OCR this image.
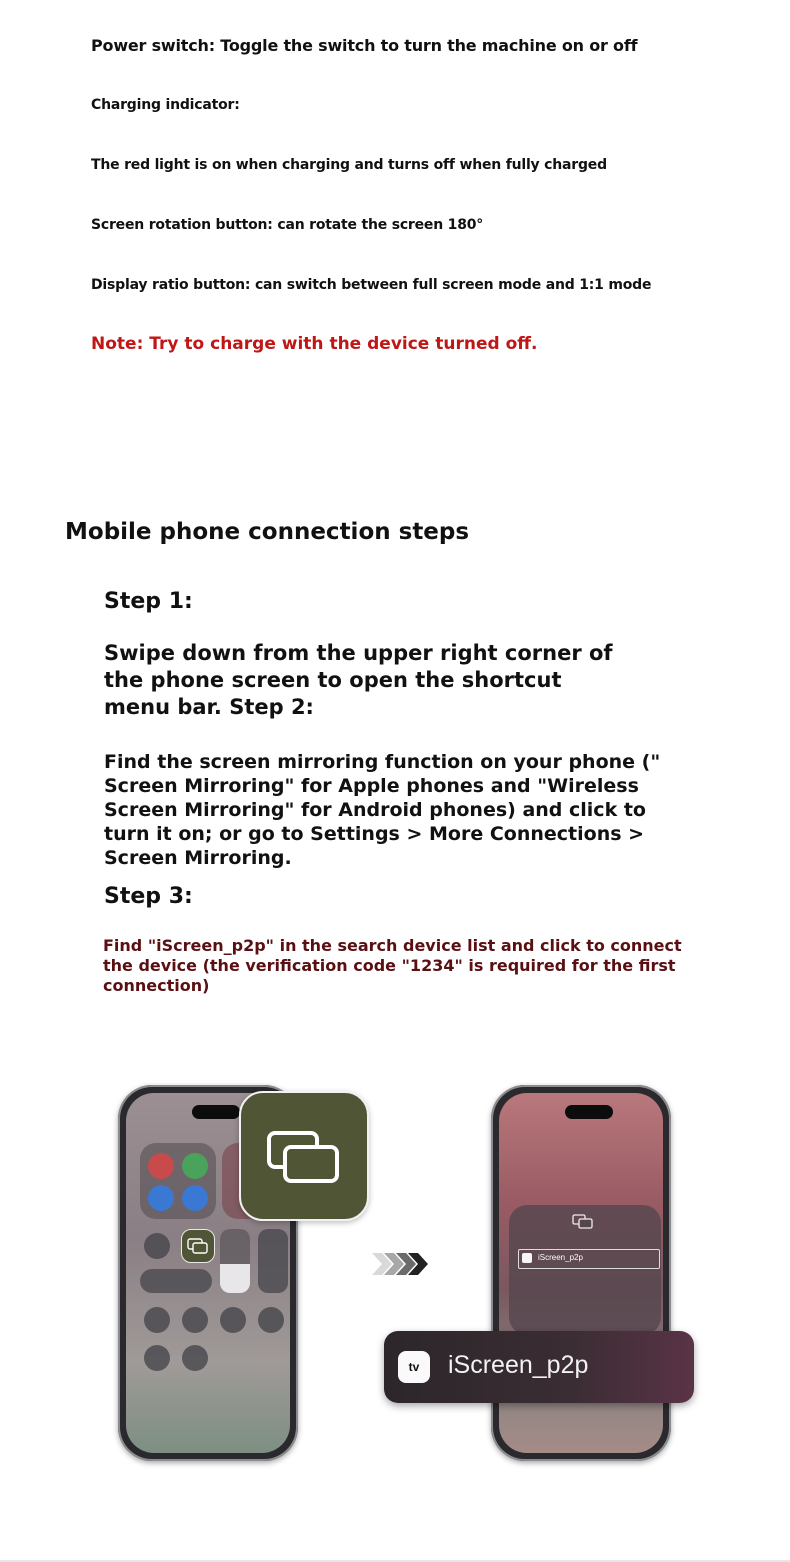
Power switch: Toggle the switch to turn the machine on or off
Charging indicator:
The red light is on when charging and turns off when fully charged
Screen rotation button: can rotate the screen 180°
Display ratio button: can switch between full screen mode and 1:1 mode
Note: Try to charge with the device turned off.
Mobile phone connection steps
Step 1:
Swipe down from the upper right corner of the phone screen to open the shortcut menu bar. Step 2:
Find the screen mirroring function on your phone (" Screen Mirroring" for Apple phones and "Wireless Screen Mirroring" for Android phones) and click to turn it on; or go to Settings > More Connections > Screen Mirroring.
Step 3:
Find "iScreen_p2p" in the search device list and click to connect the device (the verification code "1234" is required for the first connection)
iScreen_p2p
tv	iScreen_p2p
